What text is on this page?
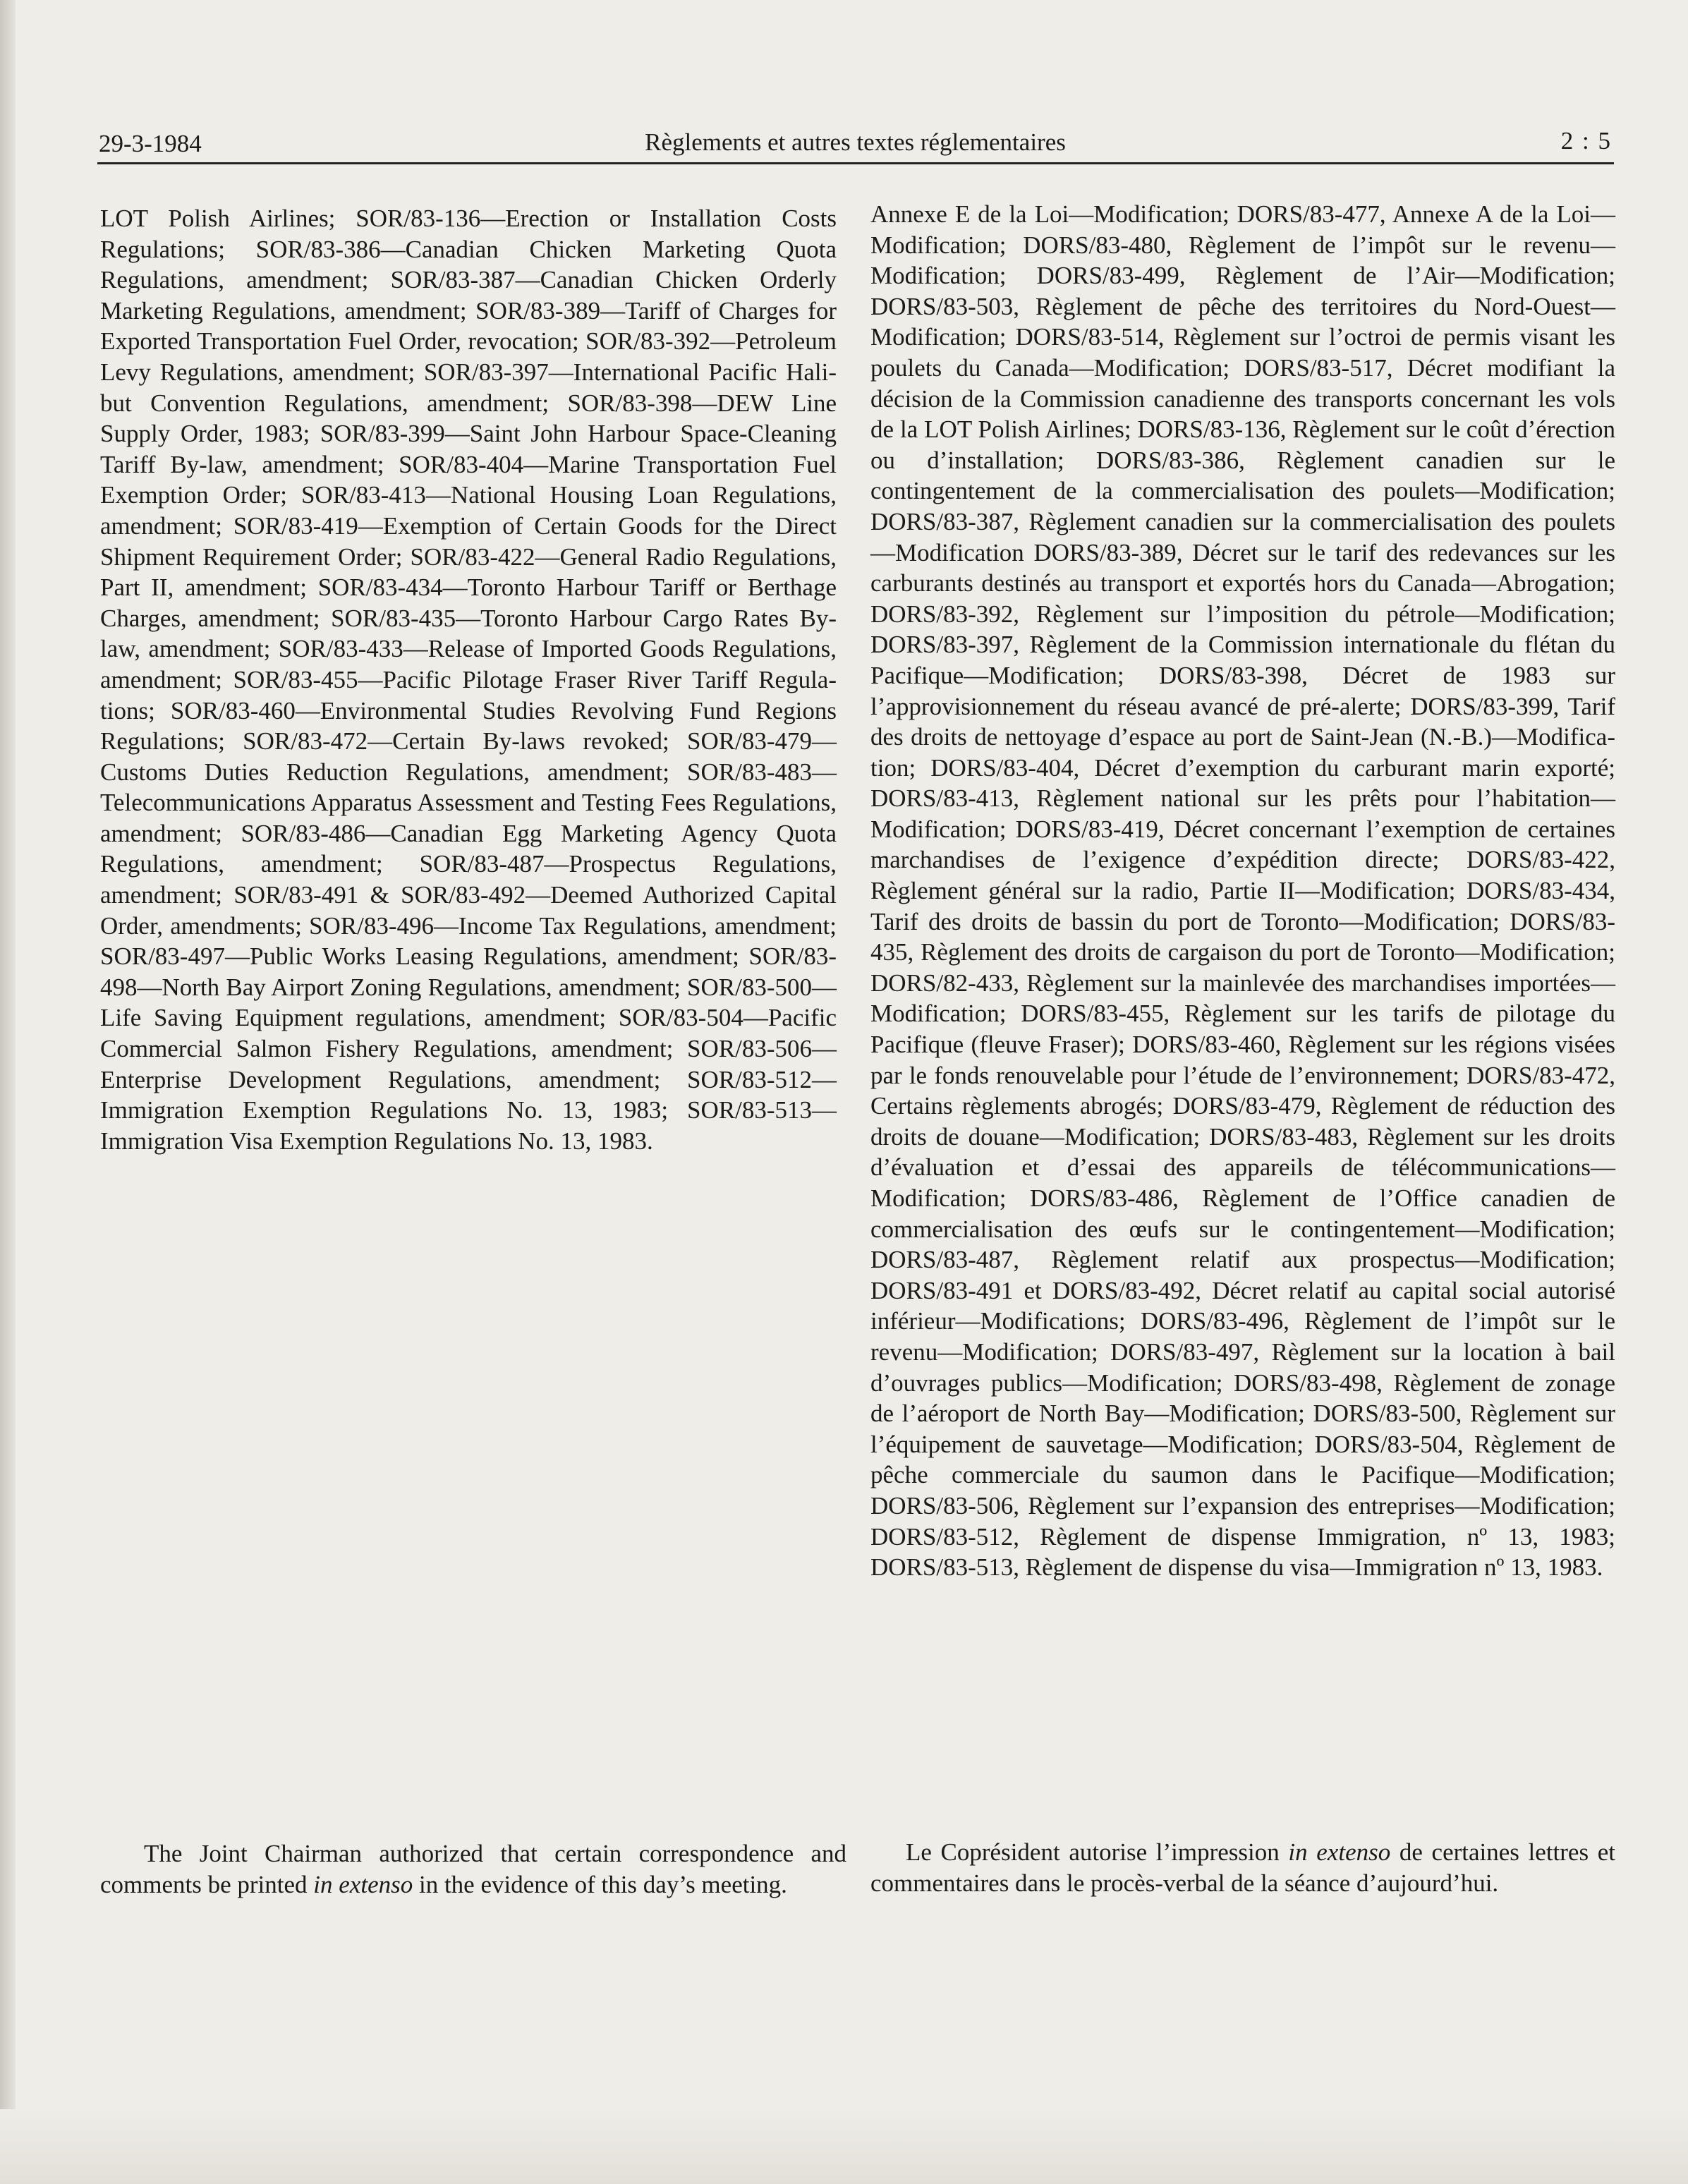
29-3-1984	Règlements et autres textes réglementaires	2 : 5

LOT Polish Airlines; SOR/83-136—Erection or Installation Costs Regulations; SOR/83-386—Canadian Chicken Marketing Quota Regulations, amendment; SOR/83-387—Canadian Chicken Orderly Marketing Regulations, amendment; SOR/83-389—Tariff of Charges for Exported Transportation Fuel Order, revocation; SOR/83-392—Petroleum Levy Regulations, amendment; SOR/83-397—International Pacific Halibut Convention Regulations, amendment; SOR/83-398—DEW Line Supply Order, 1983; SOR/83-399—Saint John Harbour Space-Cleaning Tariff By-law, amendment; SOR/83-404—Marine Transportation Fuel Exemption Order; SOR/83-413—National Housing Loan Regulations, amendment; SOR/83-419—Exemption of Certain Goods for the Direct Shipment Requirement Order; SOR/83-422—General Radio Regulations, Part II, amendment; SOR/83-434—Toronto Harbour Tariff or Berthage Charges, amendment; SOR/83-435—Toronto Harbour Cargo Rates By-law, amendment; SOR/83-433—Release of Imported Goods Regulations, amendment; SOR/83-455—Pacific Pilotage Fraser River Tariff Regulations; SOR/83-460—Environmental Studies Revolving Fund Regions Regulations; SOR/83-472—Certain By-laws revoked; SOR/83-479—Customs Duties Reduction Regulations, amendment; SOR/83-483—Telecommunications Apparatus Assessment and Testing Fees Regulations, amendment; SOR/83-486—Canadian Egg Marketing Agency Quota Regulations, amendment; SOR/83-487—Prospectus Regulations, amendment; SOR/83-491 & SOR/83-492—Deemed Authorized Capital Order, amendments; SOR/83-496—Income Tax Regulations, amendment; SOR/83-497—Public Works Leasing Regulations, amendment; SOR/83-498—North Bay Airport Zoning Regulations, amendment; SOR/83-500—Life Saving Equipment regulations, amendment; SOR/83-504—Pacific Commercial Salmon Fishery Regulations, amendment; SOR/83-506—Enterprise Development Regulations, amendment; SOR/83-512—Immigration Exemption Regulations No. 13, 1983; SOR/83-513—Immigration Visa Exemption Regulations No. 13, 1983.

The Joint Chairman authorized that certain correspondence and comments be printed in extenso in the evidence of this day’s meeting.

Annexe E de la Loi—Modification; DORS/83-477, Annexe A de la Loi—Modification; DORS/83-480, Règlement de l’impôt sur le revenu—Modification; DORS/83-499, Règlement de l’Air—Modification; DORS/83-503, Règlement de pêche des territoires du Nord-Ouest—Modification; DORS/83-514, Règlement sur l’octroi de permis visant les poulets du Canada—Modification; DORS/83-517, Décret modifiant la décision de la Commission canadienne des transports concernant les vols de la LOT Polish Airlines; DORS/83-136, Règlement sur le coût d’érection ou d’installation; DORS/83-386, Règlement canadien sur le contingentement de la commercialisation des poulets—Modification; DORS/83-387, Règlement canadien sur la commercialisation des poulets—Modification DORS/83-389, Décret sur le tarif des redevances sur les carburants destinés au transport et exportés hors du Canada—Abrogation; DORS/83-392, Règlement sur l’imposition du pétrole—Modification; DORS/83-397, Règlement de la Commission internationale du flétan du Pacifique—Modification; DORS/83-398, Décret de 1983 sur l’approvisionnement du réseau avancé de pré-alerte; DORS/83-399, Tarif des droits de nettoyage d’espace au port de Saint-Jean (N.-B.)—Modification; DORS/83-404, Décret d’exemption du carburant marin exporté; DORS/83-413, Règlement national sur les prêts pour l’habitation—Modification; DORS/83-419, Décret concernant l’exemption de certaines marchandises de l’exigence d’expédition directe; DORS/83-422, Règlement général sur la radio, Partie II—Modification; DORS/83-434, Tarif des droits de bassin du port de Toronto—Modification; DORS/83-435, Règlement des droits de cargaison du port de Toronto—Modification; DORS/82-433, Règlement sur la mainlevée des marchandises importées—Modification; DORS/83-455, Règlement sur les tarifs de pilotage du Pacifique (fleuve Fraser); DORS/83-460, Règlement sur les régions visées par le fonds renouvelable pour l’étude de l’environnement; DORS/83-472, Certains règlements abrogés; DORS/83-479, Règlement de réduction des droits de douane—Modification; DORS/83-483, Règlement sur les droits d’évaluation et d’essai des appareils de télécommunications—Modification; DORS/83-486, Règlement de l’Office canadien de commercialisation des œufs sur le contingentement—Modification; DORS/83-487, Règlement relatif aux prospectus—Modification; DORS/83-491 et DORS/83-492, Décret relatif au capital social autorisé inférieur—Modifications; DORS/83-496, Règlement de l’impôt sur le revenu—Modification; DORS/83-497, Règlement sur la location à bail d’ouvrages publics—Modification; DORS/83-498, Règlement de zonage de l’aéroport de North Bay—Modification; DORS/83-500, Règlement sur l’équipement de sauvetage—Modification; DORS/83-504, Règlement de pêche commerciale du saumon dans le Pacifique—Modification; DORS/83-506, Règlement sur l’expansion des entreprises—Modification; DORS/83-512, Règlement de dispense Immigration, nº 13, 1983; DORS/83-513, Règlement de dispense du visa—Immigration nº 13, 1983.

Le Coprésident autorise l’impression in extenso de certaines lettres et commentaires dans le procès-verbal de la séance d’aujourd’hui.
